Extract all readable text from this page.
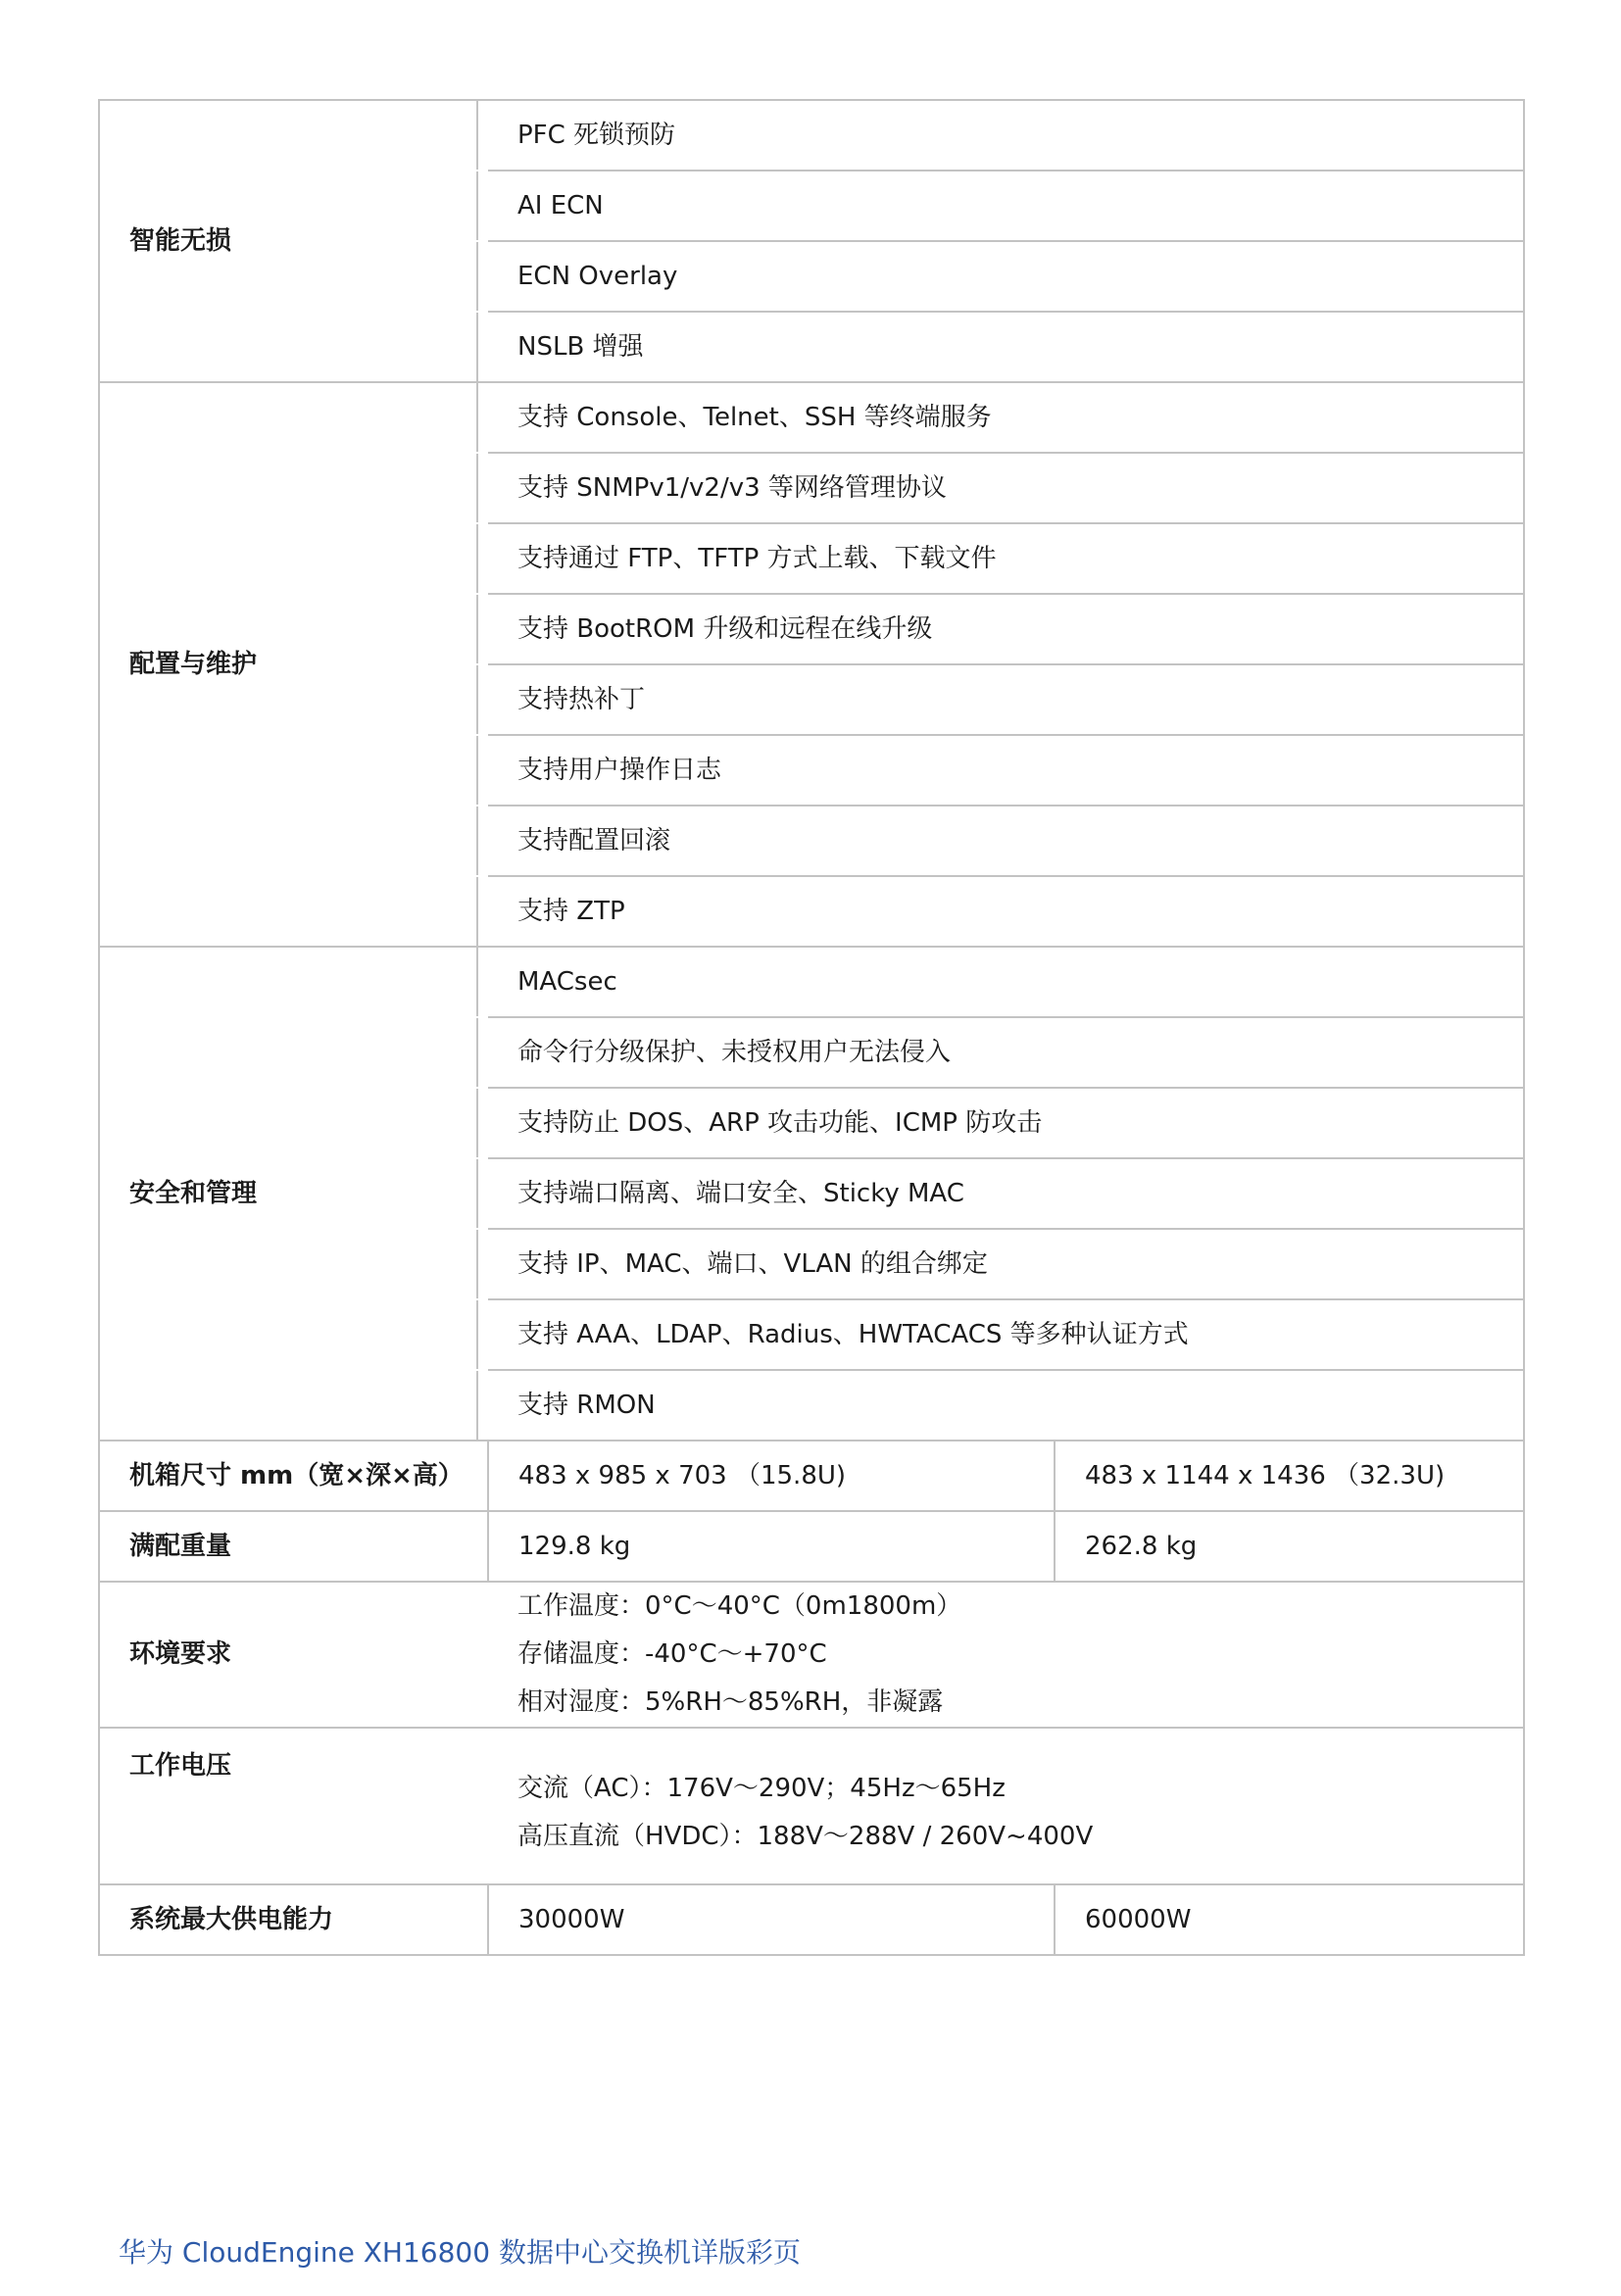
智能无损		PFC 死锁预防	
		AI ECN	
		ECN Overlay	
		NSLB 增强	
配置与维护		支持 Console、Telnet、SSH 等终端服务	
		支持 SNMPv1/v2/v3 等网络管理协议	
		支持通过 FTP、TFTP 方式上载、下载文件	
		支持 BootROM 升级和远程在线升级	
		支持热补丁	
		支持用户操作日志	
		支持配置回滚	
		支持 ZTP	
安全和管理		MACsec	
		命令行分级保护、未授权用户无法侵入	
		支持防止 DOS、ARP 攻击功能、ICMP 防攻击	
		支持端口隔离、端口安全、Sticky MAC	
		支持 IP、MAC、端口、VLAN 的组合绑定	
		支持 AAA、LDAP、Radius、HWTACACS 等多种认证方式	
		支持 RMON	
机箱尺寸 mm（宽×深×高）		483 x 985 x 703 （15.8U)	483 x 1144 x 1436 （32.3U)
满配重量		129.8 kg	262.8 kg
环境要求		工作温度：0°C～40°C（0m1800m）
存储温度：-40°C～+70°C
相对湿度：5%RH～85%RH，非凝露	

工作电压		交流（AC）：176V～290V；45Hz～65Hz
高压直流（HVDC）：188V～288V / 260V~400V	

系统最大供电能力		30000W	60000W
华为 CloudEngine XH16800 数据中心交换机详版彩页
